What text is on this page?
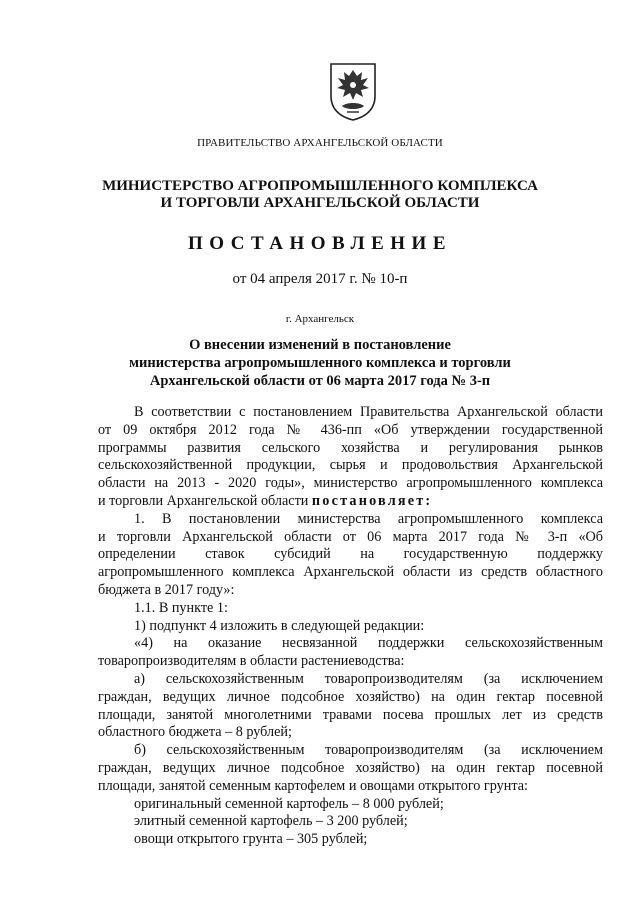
ПРАВИТЕЛЬСТВО АРХАНГЕЛЬСКОЙ ОБЛАСТИ
МИНИСТЕРСТВО АГРОПРОМЫШЛЕННОГО КОМПЛЕКСА
И ТОРГОВЛИ АРХАНГЕЛЬСКОЙ ОБЛАСТИ
ПОСТАНОВЛЕНИЕ
от 04 апреля 2017 г. № 10-п
г. Архангельск
О внесении изменений в постановление
министерства агропромышленного комплекса и торговли
Архангельской области от 06 марта 2017 года № 3-п
В соответствии с постановлением Правительства Архангельской области
от 09 октября 2012 года № 436-пп «Об утверждении государственной
программы развития сельского хозяйства и регулирования рынков
сельскохозяйственной продукции, сырья и продовольствия Архангельской
области на 2013 - 2020 годы», министерство агропромышленного комплекса
и торговли Архангельской области постановляет:
1. В постановлении министерства агропромышленного комплекса
и торговли Архангельской области от 06 марта 2017 года № 3-п «Об
определении ставок субсидий на государственную поддержку
агропромышленного комплекса Архангельской области из средств областного
бюджета в 2017 году»:
1.1. В пункте 1:
1) подпункт 4 изложить в следующей редакции:
«4) на оказание несвязанной поддержки сельскохозяйственным
товаропроизводителям в области растениеводства:
а) сельскохозяйственным товаропроизводителям (за исключением
граждан, ведущих личное подсобное хозяйство) на один гектар посевной
площади, занятой многолетними травами посева прошлых лет из средств
областного бюджета – 8 рублей;
б) сельскохозяйственным товаропроизводителям (за исключением
граждан, ведущих личное подсобное хозяйство) на один гектар посевной
площади, занятой семенным картофелем и овощами открытого грунта:
оригинальный семенной картофель – 8 000 рублей;
элитный семенной картофель – 3 200 рублей;
овощи открытого грунта – 305 рублей;
